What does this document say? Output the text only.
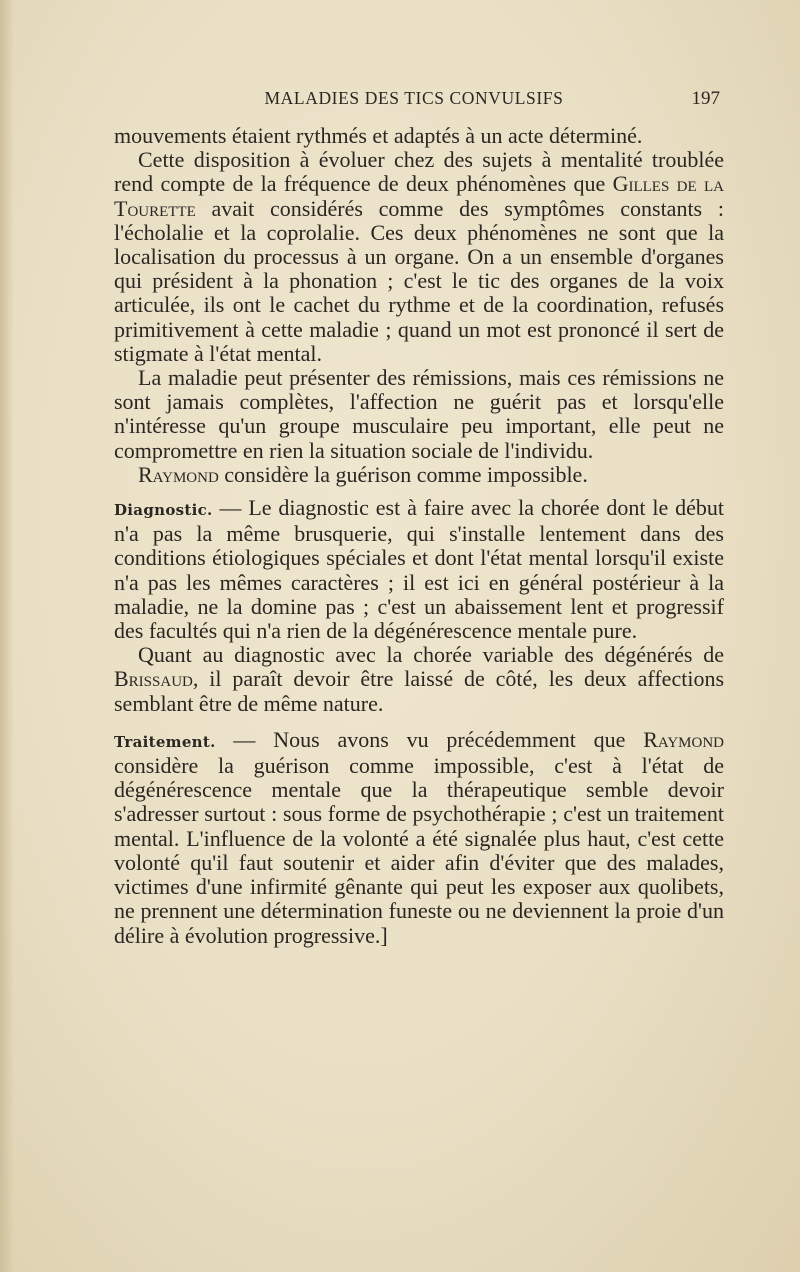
MALADIES DES TICS CONVULSIFS	197

mouvements étaient rythmés et adaptés à un acte déterminé.

Cette disposition à évoluer chez des sujets à mentalité troublée rend compte de la fréquence de deux phénomènes que Gilles de la Tourette avait considérés comme des symptômes constants : l'écholalie et la coprolalie. Ces deux phénomènes ne sont que la localisation du processus à un organe. On a un ensemble d'organes qui président à la phonation ; c'est le tic des organes de la voix articulée, ils ont le cachet du rythme et de la coordination, refusés primitivement à cette maladie ; quand un mot est prononcé il sert de stigmate à l'état mental.

La maladie peut présenter des rémissions, mais ces rémissions ne sont jamais complètes, l'affection ne guérit pas et lorsqu'elle n'intéresse qu'un groupe musculaire peu important, elle peut ne compromettre en rien la situation sociale de l'individu.

Raymond considère la guérison comme impossible.

Diagnostic. — Le diagnostic est à faire avec la chorée dont le début n'a pas la même brusquerie, qui s'installe lentement dans des conditions étiologiques spéciales et dont l'état mental lorsqu'il existe n'a pas les mêmes caractères ; il est ici en général postérieur à la maladie, ne la domine pas ; c'est un abaissement lent et progressif des facultés qui n'a rien de la dégénérescence mentale pure.

Quant au diagnostic avec la chorée variable des dégénérés de Brissaud, il paraît devoir être laissé de côté, les deux affections semblant être de même nature.

Traitement. — Nous avons vu précédemment que Raymond considère la guérison comme impossible, c'est à l'état de dégénérescence mentale que la thérapeutique semble devoir s'adresser surtout : sous forme de psychothérapie ; c'est un traitement mental. L'influence de la volonté a été signalée plus haut, c'est cette volonté qu'il faut soutenir et aider afin d'éviter que des malades, victimes d'une infirmité gênante qui peut les exposer aux quolibets, ne prennent une détermination funeste ou ne deviennent la proie d'un délire à évolution progressive.]
